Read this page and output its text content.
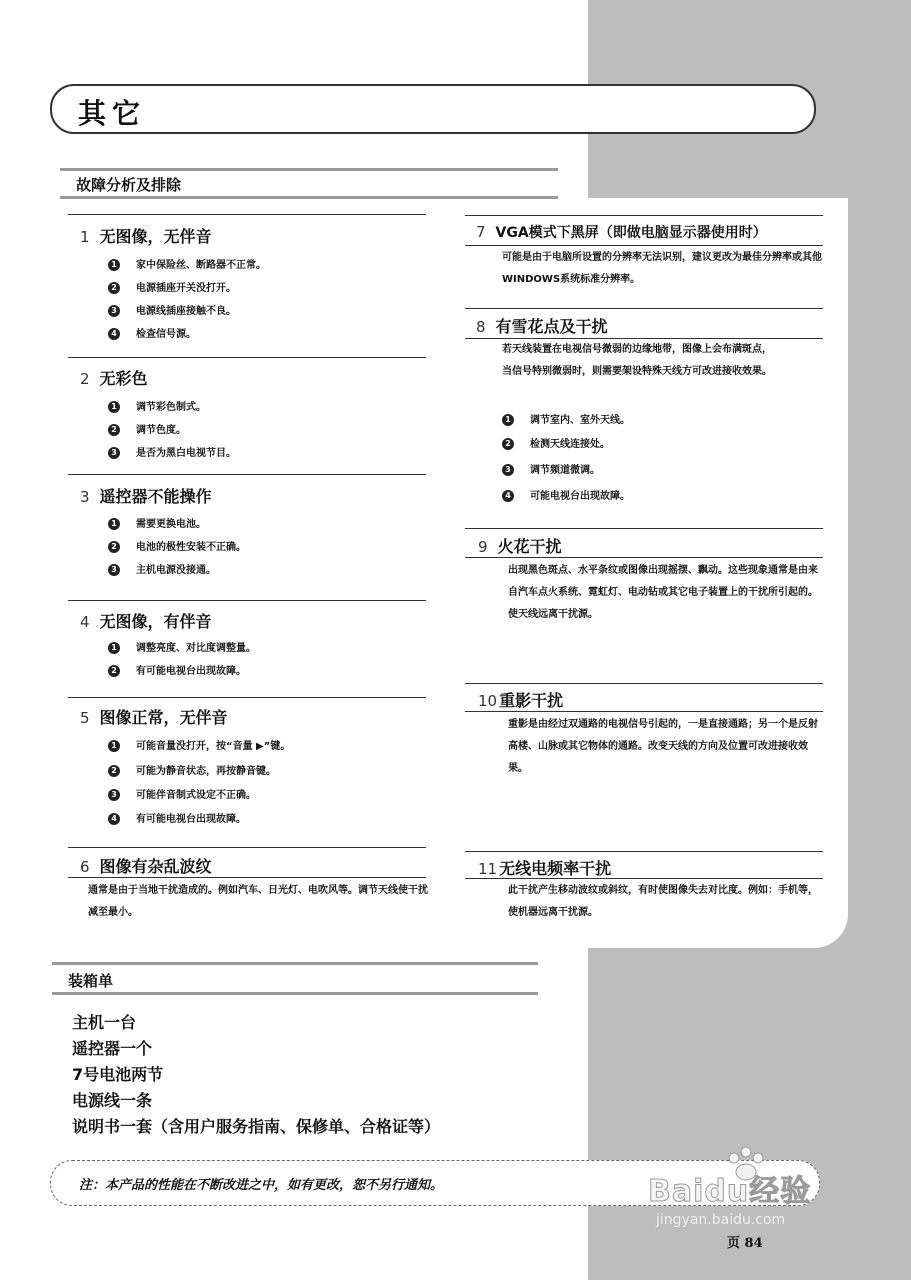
其它
故障分析及排除
1 无图像，无伴音
1 家中保险丝、断路器不正常。
2 电源插座开关没打开。
3 电源线插座接触不良。
4 检查信号源。
2 无彩色
1 调节彩色制式。
2 调节色度。
3 是否为黑白电视节目。
3 遥控器不能操作
1 需要更换电池。
2 电池的极性安装不正确。
3 主机电源没接通。
4 无图像，有伴音
1 调整亮度、对比度调整量。
2 有可能电视台出现故障。
5 图像正常，无伴音
1 可能音量没打开，按“音量 ▶”键。
2 可能为静音状态，再按静音键。
3 可能伴音制式设定不正确。
4 有可能电视台出现故障。
6 图像有杂乱波纹
通常是由于当地干扰造成的。例如汽车、日光灯、电吹风等。调节天线使干扰减至最小。
7 VGA模式下黑屏（即做电脑显示器使用时）
可能是由于电脑所设置的分辨率无法识别，建议更改为最佳分辨率或其他WINDOWS系统标准分辨率。
8 有雪花点及干扰
若天线装置在电视信号微弱的边缘地带，图像上会布满斑点，当信号特别微弱时，则需要架设特殊天线方可改进接收效果。
1 调节室内、室外天线。
2 检测天线连接处。
3 调节频道微调。
4 可能电视台出现故障。
9 火花干扰
出现黑色斑点、水平条纹或图像出现摇摆、飘动。这些现象通常是由来自汽车点火系统、霓虹灯、电动钻或其它电子装置上的干扰所引起的。使天线远离干扰源。
10 重影干扰
重影是由经过双通路的电视信号引起的，一是直接通路；另一个是反射高楼、山脉或其它物体的通路。改变天线的方向及位置可改进接收效果。
11 无线电频率干扰
此干扰产生移动波纹或斜纹，有时使图像失去对比度。例如：手机等，使机器远离干扰源。
装箱单
主机一台
遥控器一个
7号电池两节
电源线一条
说明书一套（含用户服务指南、保修单、合格证等）
注：本产品的性能在不断改进之中，如有更改，恕不另行通知。	Baidu经验
jingyan.baidu.com
页 84
